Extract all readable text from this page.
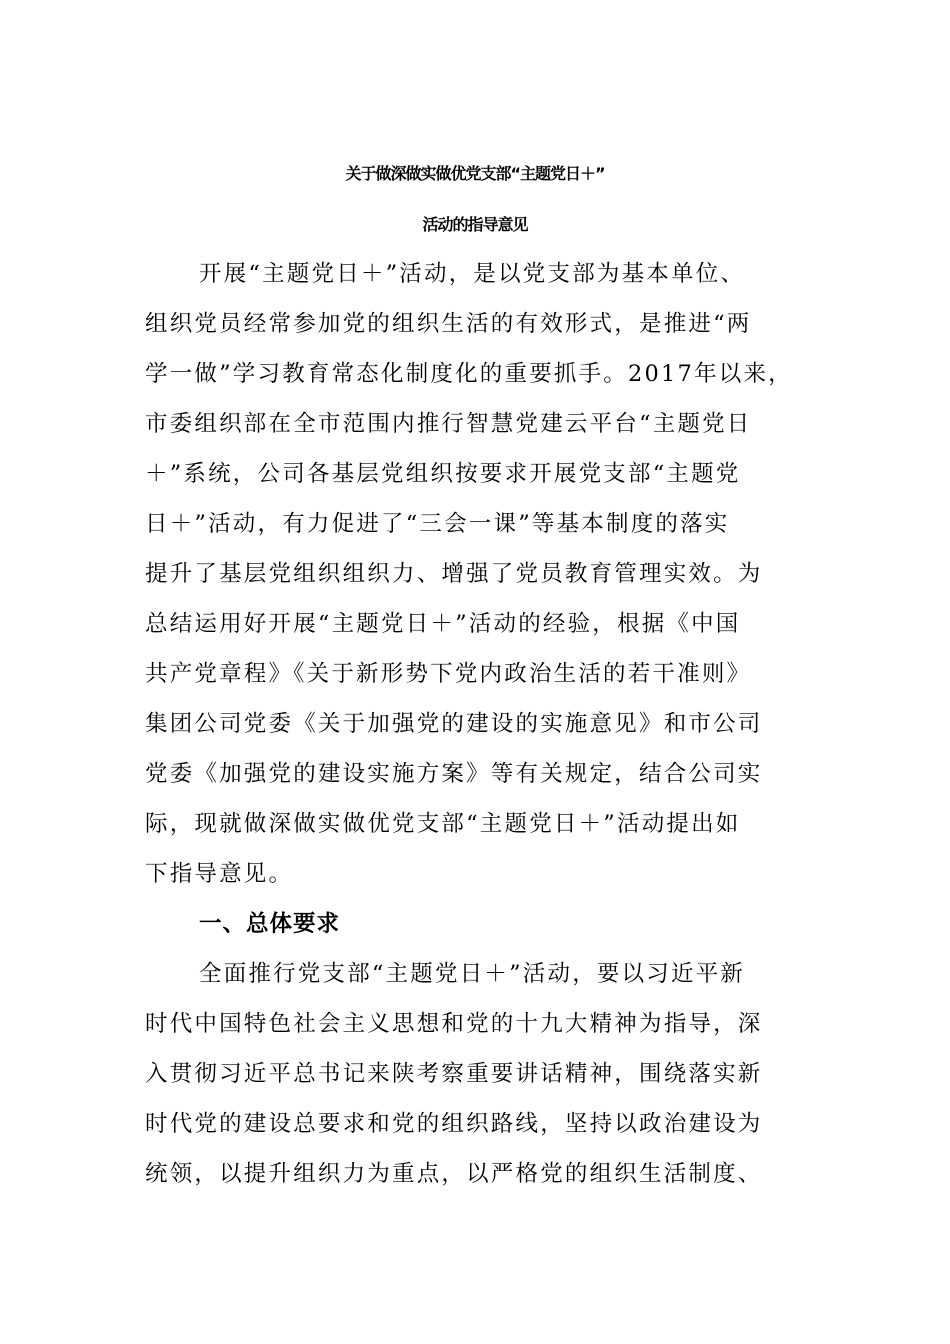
关于做深做实做优党支部“主题党日＋”
活动的指导意见
开展“主题党日＋”活动，是以党支部为基本单位、
组织党员经常参加党的组织生活的有效形式，是推进“两
学一做”学习教育常态化制度化的重要抓手。2017年以来，
市委组织部在全市范围内推行智慧党建云平台“主题党日
＋”系统，公司各基层党组织按要求开展党支部“主题党
日＋”活动，有力促进了“三会一课”等基本制度的落实
提升了基层党组织组织力、增强了党员教育管理实效。为
总结运用好开展“主题党日＋”活动的经验，根据《中国
共产党章程》《关于新形势下党内政治生活的若干准则》
集团公司党委《关于加强党的建设的实施意见》和市公司
党委《加强党的建设实施方案》等有关规定，结合公司实
际，现就做深做实做优党支部“主题党日＋”活动提出如
下指导意见。
一、总体要求
全面推行党支部“主题党日＋”活动，要以习近平新
时代中国特色社会主义思想和党的十九大精神为指导，深
入贯彻习近平总书记来陕考察重要讲话精神，围绕落实新
时代党的建设总要求和党的组织路线，坚持以政治建设为
统领，以提升组织力为重点，以严格党的组织生活制度、
